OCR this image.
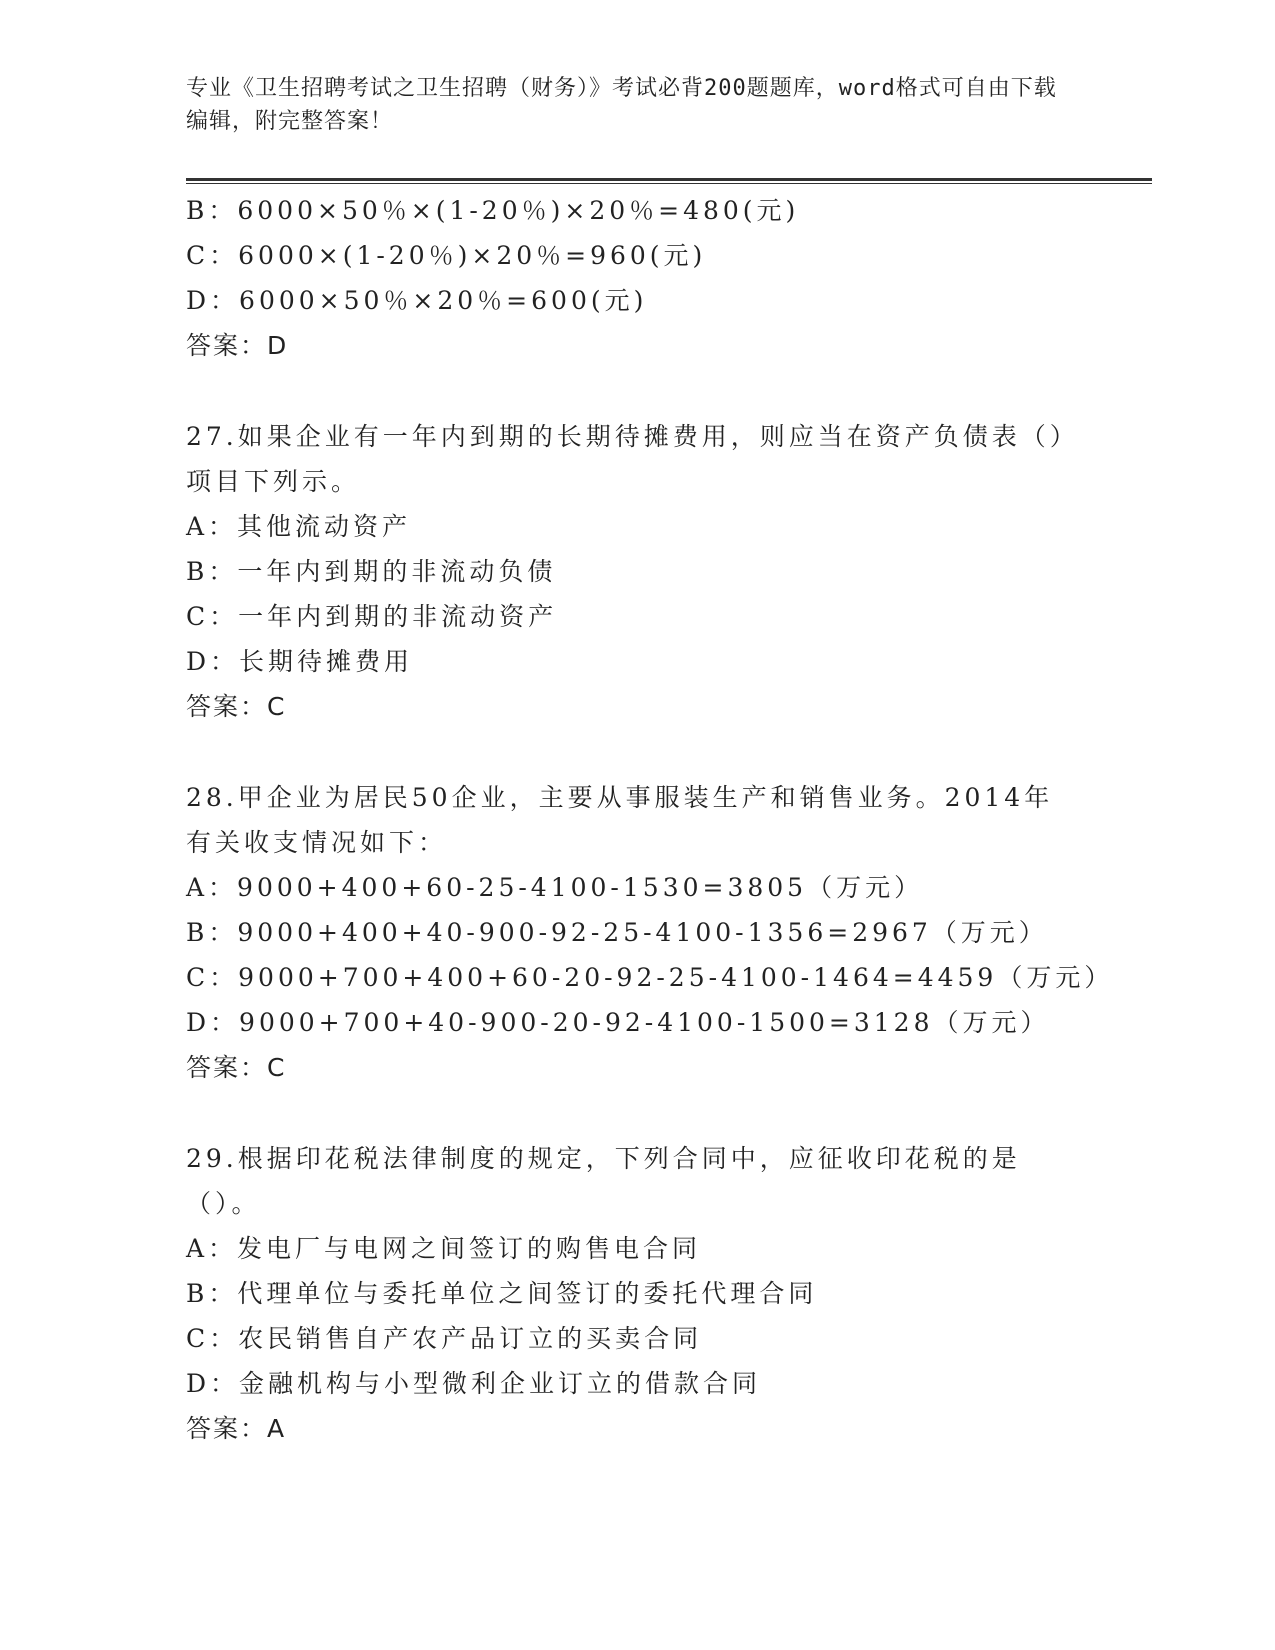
专业《卫生招聘考试之卫生招聘（财务）》考试必背200题题库，word格式可自由下载编辑，附完整答案！
B：6000×50％×(1-20％)×20％=480(元)
C：6000×(1-20％)×20％=960(元)
D：6000×50％×20％=600(元)
答案：D
27.如果企业有一年内到期的长期待摊费用，则应当在资产负债表（）项目下列示。
A：其他流动资产
B：一年内到期的非流动负债
C：一年内到期的非流动资产
D：长期待摊费用
答案：C
28.甲企业为居民50企业，主要从事服装生产和销售业务。2014年有关收支情况如下：
A：9000+400+60-25-4100-1530=3805（万元）
B：9000+400+40-900-92-25-4100-1356=2967（万元）
C：9000+700+400+60-20-92-25-4100-1464=4459（万元）
D：9000+700+40-900-20-92-4100-1500=3128（万元）
答案：C
29.根据印花税法律制度的规定，下列合同中，应征收印花税的是（）。
A：发电厂与电网之间签订的购售电合同
B：代理单位与委托单位之间签订的委托代理合同
C：农民销售自产农产品订立的买卖合同
D：金融机构与小型微利企业订立的借款合同
答案：A
